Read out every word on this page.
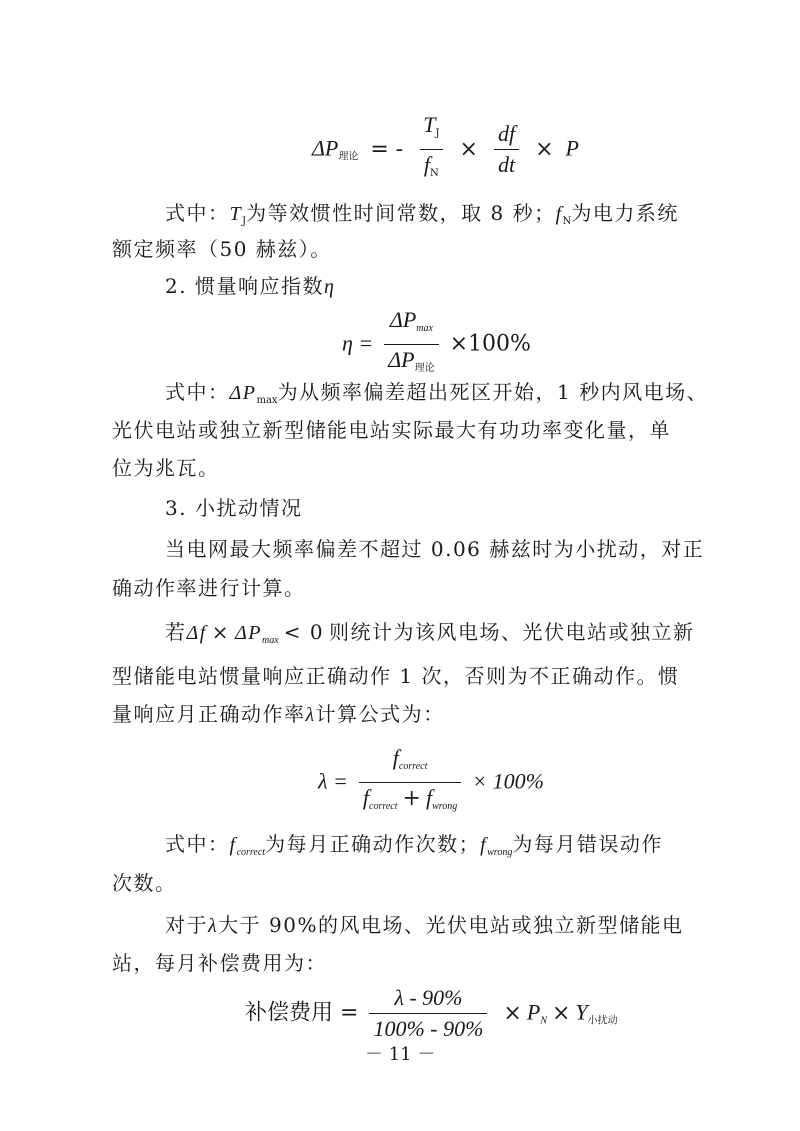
$\Delta P_{理论}$ = - $\frac{T_J}{f_N} \times \frac{df}{dt} \times P$
式中：$T_J$为等效惯性时间常数，取 8 秒；$f_N$为电力系统
额定频率（50 赫兹）。
2. 惯量响应指数η
$\eta = \frac{\Delta P_{max}}{\Delta P_{理论}} \times 100\%$
式中：$\Delta P_{max}$为从频率偏差超出死区开始，1 秒内风电场、
光伏电站或独立新型储能电站实际最大有功功率变化量，单
位为兆瓦。
3. 小扰动情况
当电网最大频率偏差不超过 0.06 赫兹时为小扰动，对正
确动作率进行计算。
若$\Delta f \times \Delta P_{max} < 0$ 则统计为该风电场、光伏电站或独立新
型储能电站惯量响应正确动作 1 次，否则为不正确动作。惯
量响应月正确动作率λ计算公式为：
$\lambda = \frac{f_{correct}}{f_{correct} + f_{wrong}} \times 100\%$
式中：$f_{correct}$为每月正确动作次数；$f_{wrong}$为每月错误动作
次数。
对于λ大于 90%的风电场、光伏电站或独立新型储能电
站，每月补偿费用为：
补偿费用 = $\frac{\lambda - 90\%}{100\% - 90\%} \times P_N \times Y_{小扰动}$
－ 11 －
